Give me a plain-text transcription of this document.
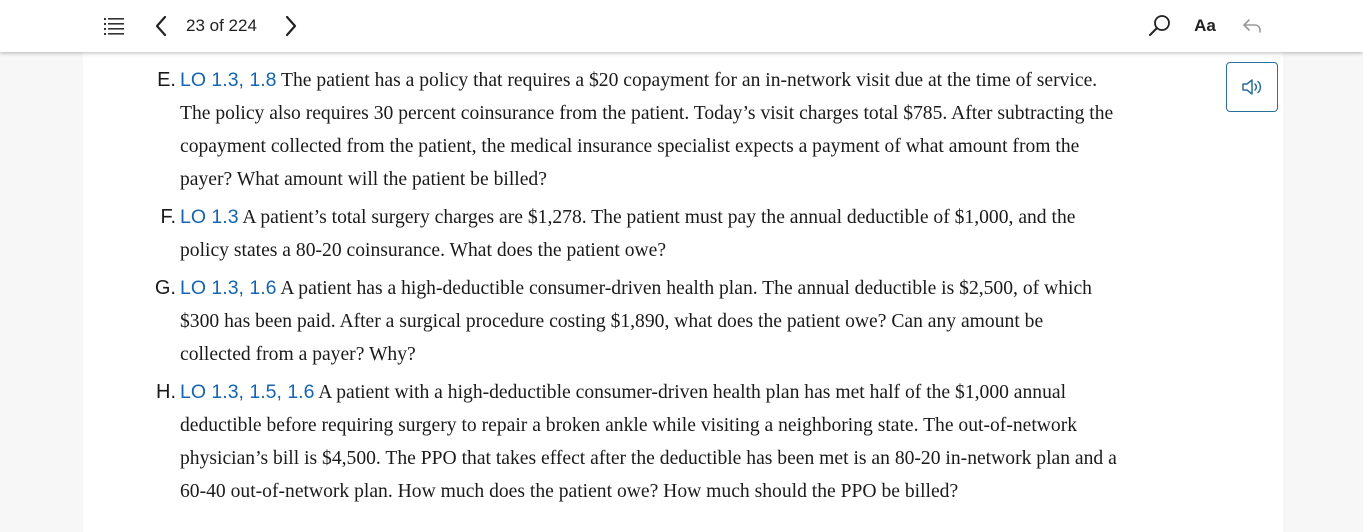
23 of 224	Aa
E. LO 1.3, 1.8 The patient has a policy that requires a $20 copayment for an in-network visit due at the time of service.
The policy also requires 30 percent coinsurance from the patient. Today’s visit charges total $785. After subtracting the
copayment collected from the patient, the medical insurance specialist expects a payment of what amount from the
payer? What amount will the patient be billed?
F. LO 1.3 A patient’s total surgery charges are $1,278. The patient must pay the annual deductible of $1,000, and the
policy states a 80-20 coinsurance. What does the patient owe?
G. LO 1.3, 1.6 A patient has a high-deductible consumer-driven health plan. The annual deductible is $2,500, of which
$300 has been paid. After a surgical procedure costing $1,890, what does the patient owe? Can any amount be
collected from a payer? Why?
H. LO 1.3, 1.5, 1.6 A patient with a high-deductible consumer-driven health plan has met half of the $1,000 annual
deductible before requiring surgery to repair a broken ankle while visiting a neighboring state. The out-of-network
physician’s bill is $4,500. The PPO that takes effect after the deductible has been met is an 80-20 in-network plan and a
60-40 out-of-network plan. How much does the patient owe? How much should the PPO be billed?
